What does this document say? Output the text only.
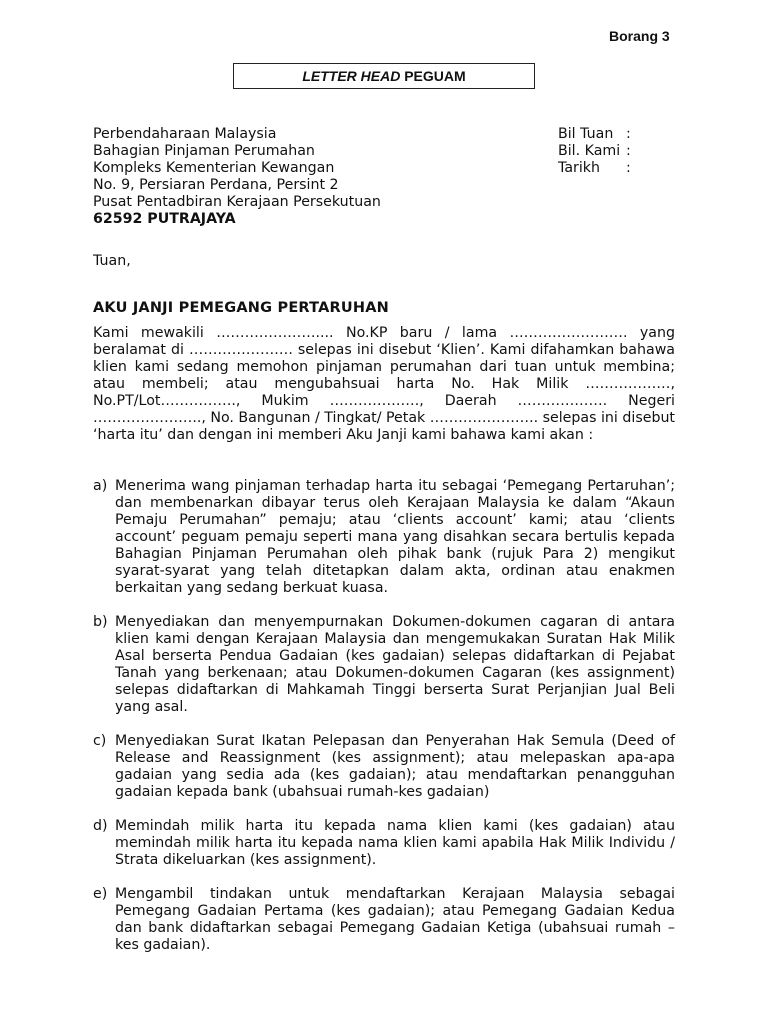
Borang 3
LETTER HEAD PEGUAM
Perbendaharaan Malaysia
Bahagian Pinjaman Perumahan
Kompleks Kementerian Kewangan
No. 9, Persiaran Perdana, Persint 2
Pusat Pentadbiran Kerajaan Persekutuan
62592 PUTRAJAYA
Bil Tuan :
Bil. Kami :
Tarikh :
Tuan,
AKU JANJI PEMEGANG PERTARUHAN
Kami mewakili ………………….... No.KP baru / lama ……………………. yang beralamat di …………………. selepas ini disebut ‘Klien’. Kami difahamkan bahawa klien kami sedang memohon pinjaman perumahan dari tuan untuk membina; atau membeli; atau mengubahsuai harta No. Hak Milik ………………, No.PT/Lot……………., Mukim ………………., Daerah ………………. Negeri ………………….., No. Bangunan / Tingkat/ Petak ………………….. selepas ini disebut ‘harta itu’ dan dengan ini memberi Aku Janji kami bahawa kami akan :
a) Menerima wang pinjaman terhadap harta itu sebagai ‘Pemegang Pertaruhan’; dan membenarkan dibayar terus oleh Kerajaan Malaysia ke dalam “Akaun Pemaju Perumahan” pemaju; atau ‘clients account’ kami; atau ‘clients account’ peguam pemaju seperti mana yang disahkan secara bertulis kepada Bahagian Pinjaman Perumahan oleh pihak bank (rujuk Para 2) mengikut syarat-syarat yang telah ditetapkan dalam akta, ordinan atau enakmen berkaitan yang sedang berkuat kuasa.
b) Menyediakan dan menyempurnakan Dokumen-dokumen cagaran di antara klien kami dengan Kerajaan Malaysia dan mengemukakan Suratan Hak Milik Asal berserta Pendua Gadaian (kes gadaian) selepas didaftarkan di Pejabat Tanah yang berkenaan; atau Dokumen-dokumen Cagaran (kes assignment) selepas didaftarkan di Mahkamah Tinggi berserta Surat Perjanjian Jual Beli yang asal.
c) Menyediakan Surat Ikatan Pelepasan dan Penyerahan Hak Semula (Deed of Release and Reassignment (kes assignment); atau melepaskan apa-apa gadaian yang sedia ada (kes gadaian); atau mendaftarkan penangguhan gadaian kepada bank (ubahsuai rumah-kes gadaian)
d) Memindah milik harta itu kepada nama klien kami (kes gadaian) atau memindah milik harta itu kepada nama klien kami apabila Hak Milik Individu / Strata dikeluarkan (kes assignment).
e) Mengambil tindakan untuk mendaftarkan Kerajaan Malaysia sebagai Pemegang Gadaian Pertama (kes gadaian); atau Pemegang Gadaian Kedua dan bank didaftarkan sebagai Pemegang Gadaian Ketiga (ubahsuai rumah – kes gadaian).
